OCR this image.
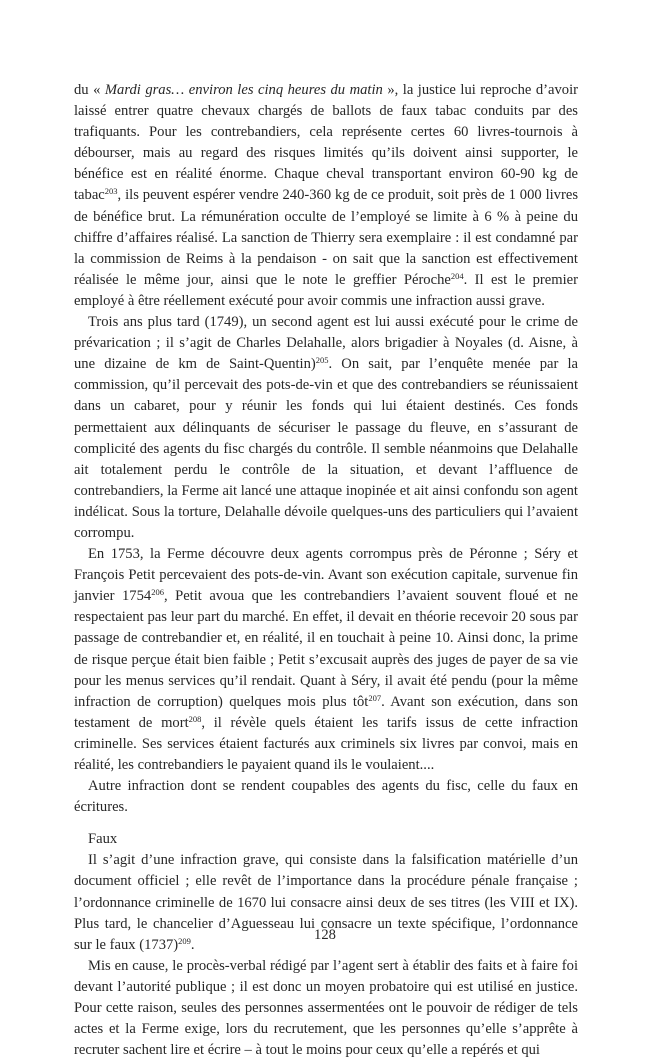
du « Mardi gras… environ les cinq heures du matin », la justice lui reproche d’avoir laissé entrer quatre chevaux chargés de ballots de faux tabac conduits par des trafiquants. Pour les contrebandiers, cela représente certes 60 livres-tournois à débourser, mais au regard des risques limités qu’ils doivent ainsi supporter, le bénéfice est en réalité énorme. Chaque cheval transportant environ 60-90 kg de tabac$^{203}$, ils peuvent espérer vendre 240-360 kg de ce produit, soit près de 1 000 livres de bénéfice brut. La rémunération occulte de l’employé se limite à 6 % à peine du chiffre d’affaires réalisé. La sanction de Thierry sera exemplaire : il est condamné par la commission de Reims à la pendaison - on sait que la sanction est effectivement réalisée le même jour, ainsi que le note le greffier Péroche$^{204}$. Il est le premier employé à être réellement exécuté pour avoir commis une infraction aussi grave.

Trois ans plus tard (1749), un second agent est lui aussi exécuté pour le crime de prévarication ; il s’agit de Charles Delahalle, alors brigadier à Noyales (d. Aisne, à une dizaine de km de Saint-Quentin)$^{205}$. On sait, par l’enquête menée par la commission, qu’il percevait des pots-de-vin et que des contrebandiers se réunissaient dans un cabaret, pour y réunir les fonds qui lui étaient destinés. Ces fonds permettaient aux délinquants de sécuriser le passage du fleuve, en s’assurant de complicité des agents du fisc chargés du contrôle. Il semble néanmoins que Delahalle ait totalement perdu le contrôle de la situation, et devant l’affluence de contrebandiers, la Ferme ait lancé une attaque inopinée et ait ainsi confondu son agent indélicat. Sous la torture, Delahalle dévoile quelques-uns des particuliers qui l’avaient corrompu.

En 1753, la Ferme découvre deux agents corrompus près de Péronne ; Séry et François Petit percevaient des pots-de-vin. Avant son exécution capitale, survenue fin janvier 1754$^{206}$, Petit avoua que les contrebandiers l’avaient souvent floué et ne respectaient pas leur part du marché. En effet, il devait en théorie recevoir 20 sous par passage de contrebandier et, en réalité, il en touchait à peine 10. Ainsi donc, la prime de risque perçue était bien faible ; Petit s’excusait auprès des juges de payer de sa vie pour les menus services qu’il rendait. Quant à Séry, il avait été pendu (pour la même infraction de corruption) quelques mois plus tôt$^{207}$. Avant son exécution, dans son testament de mort$^{208}$, il révèle quels étaient les tarifs issus de cette infraction criminelle. Ses services étaient facturés aux criminels six livres par convoi, mais en réalité, les contrebandiers le payaient quand ils le voulaient....

Autre infraction dont se rendent coupables des agents du fisc, celle du faux en écritures.

Faux

Il s’agit d’une infraction grave, qui consiste dans la falsification matérielle d’un document officiel ; elle revêt de l’importance dans la procédure pénale française ; l’ordonnance criminelle de 1670 lui consacre ainsi deux de ses titres (les VIII et IX). Plus tard, le chancelier d’Aguesseau lui consacre un texte spécifique, l’ordonnance sur le faux $(1737)^{209}$.

Mis en cause, le procès-verbal rédigé par l’agent sert à établir des faits et à faire foi devant l’autorité publique ; il est donc un moyen probatoire qui est utilisé en justice. Pour cette raison, seules des personnes assermentées ont le pouvoir de rédiger de tels actes et la Ferme exige, lors du recrutement, que les personnes qu’elle s’apprête à recruter sachent lire et écrire – à tout le moins pour ceux qu’elle a repérés et qui

128
